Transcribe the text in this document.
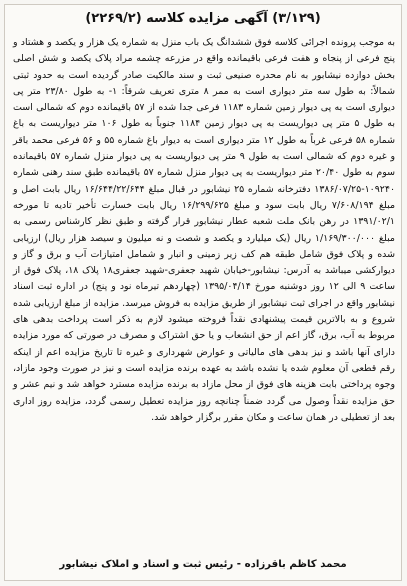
(۳/۱۲۹) آگهی مزایده کلاسه (۲۲۶۹/۲)
به موجب پرونده اجرائی کلاسه فوق ششدانگ یک باب منزل به شماره یک هزار و یکصد و هشتاد و پنج فرعی از پنجاه و هفت فرعی باقیمانده واقع در مزرعه چشمه مراد پلاک یکصد و شش اصلی بخش دوازده نیشابور به نام محدره صنیعی ثبت و سند مالکیت صادر گردیده است به حدود ثبتی شمالاً: به طول سه متر دیواری است به ممر ۸ متری تعریف شرقاً: ۱- به طول ۲۳/۸۰ متر پی دیواری است به پی دیوار زمین شماره ۱۱۸۳ فرعی جدا شده از ۵۷ باقیمانده دوم که شمالی است به طول ۵ متر پی دیواریست به پی دیوار زمین ۱۱۸۴ جنوباً به طول ۱۰۶ متر دیواریست به باغ شماره ۵۸ فرعی غرباً به طول ۱۲ متر دیواری است به دیوار باغ شماره ۵۵ و ۵۶ فرعی محمد باقر و غیره دوم که شمالی است به طول ۹ متر پی دیواریست به پی دیوار منزل شماره ۵۷ باقیمانده سوم به طول ۲۰/۴۰ متر دیواریست به پی دیوار منزل شماره ۵۷ باقیمانده طبق سند رهنی شماره ۱۰۹۲۴۰-۱۳۸۶/۰۷/۲۵ دفترخانه شماره ۲۵ نیشابور در قبال مبلغ ۱۶/۶۴۴/۲۲/۶۴۴ ریال بابت اصل و مبلغ ۷/۶۰۸/۱۹۴ ریال بابت سود و مبلغ ۱۶/۲۹۹/۶۲۵ ریال بابت خسارت تأخیر تادیه تا مورخه ۱۳۹۱/۰۲/۱ در رهن بانک ملت شعبه عطار نیشابور قرار گرفته و طبق نظر کارشناس رسمی به مبلغ ۱/۱۶۹/۳۰۰/۰۰۰ ریال (یک میلیارد و یکصد و شصت و نه میلیون و سیصد هزار ریال) ارزیابی شده و پلاک فوق شامل طبقه هم کف زیر زمینی و انبار و شمامل امتیازات آب و برق و گاز و دیوارکشی میباشد به آدرس: نیشابور-خیابان شهید جعفری-شهید جعفری۱۸ پلاک ۱۸، پلاک فوق از ساعت ۹ الی ۱۲ روز دوشنبه مورخ ۱۳۹۵/۰۴/۱۴ (چهاردهم تیرماه نود و پنج) در اداره ثبت اسناد نیشابور واقع در اجرای ثبت نیشابور از طریق مزایده به فروش میرسد. مزایده از مبلغ ارزیابی شده شروع و به بالاترین قیمت پیشنهادی نقداً فروخته میشود لازم به ذکر است پرداخت بدهی های مربوط به آب، برق، گاز اعم از حق انشعاب و یا حق اشتراک و مصرف در صورتی که مورد مزایده دارای آنها باشد و نیز بدهی های مالیاتی و عوارض شهرداری و غیره تا تاریخ مزایده اعم از اینکه رقم قطعی آن معلوم شده یا نشده باشد به عهده برنده مزایده است و نیز در صورت وجود مازاد، وجوه پرداختی بابت هزینه های فوق از محل مازاد به برنده مزایده مسترد خواهد شد و نیم عشر و حق مزایده نقداً وصول می گردد ضمناً چنانچه روز مزایده تعطیل رسمی گردد، مزایده روز اداری بعد از تعطیلی در همان ساعت و مکان مقرر برگزار خواهد شد.
محمد کاظم باقرزاده - رئیس ثبت و اسناد و املاک نیشابور
